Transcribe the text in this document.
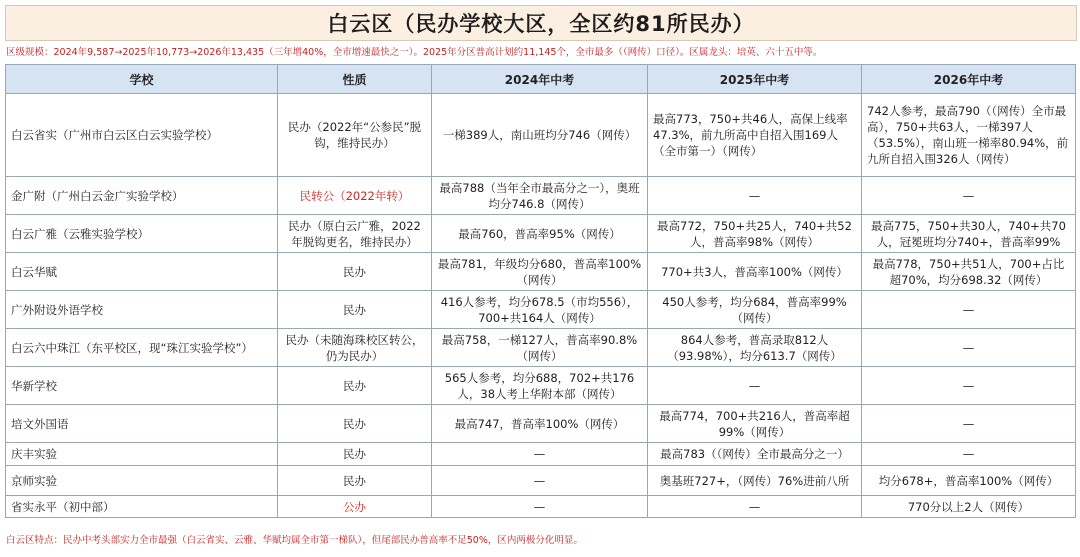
白云区（民办学校大区，全区约81所民办）
区级规模：2024年9,587→2025年10,773→2026年13,435（三年增40%，全市增速最快之一）。2025年分区普高计划约11,145个，全市最多（（网传）口径）。区属龙头：培英、六十五中等。
学校	性质	2024年中考	2025年中考	2026年中考
白云省实（广州市白云区白云实验学校）	民办（2022年“公参民”脱钩，维持民办）	一梯389人，南山班均分746（网传）	最高773，750+共46人，高保上线率47.3%，前九所高中自招入围169人（全市第一）（网传）	742人参考，最高790（（网传）全市最高），750+共63人，一梯397人（53.5%），南山班一梯率80.94%，前九所自招入围326人（网传）
金广附（广州白云金广实验学校）	民转公（2022年转）	最高788（当年全市最高分之一），奥班均分746.8（网传）	—	—
白云广雅（云雅实验学校）	民办（原白云广雅，2022年脱钩更名，维持民办）	最高760，普高率95%（网传）	最高772，750+共25人，740+共52人，普高率98%（网传）	最高775，750+共30人，740+共70人，冠冕班均分740+，普高率99%
白云华赋	民办	最高781，年级均分680，普高率100%（网传）	770+共3人，普高率100%（网传）	最高778，750+共51人，700+占比超70%，均分698.32（网传）
广外附设外语学校	民办	416人参考，均分678.5（市均556），700+共164人（网传）	450人参考，均分684，普高率99%（网传）	—
白云六中珠江（东平校区，现“珠江实验学校”）	民办（未随海珠校区转公，仍为民办）	最高758，一梯127人，普高率90.8%（网传）	864人参考，普高录取812人（93.98%），均分613.7（网传）	—
华新学校	民办	565人参考，均分688，702+共176人，38人考上华附本部（网传）	—	—
培文外国语	民办	最高747，普高率100%（网传）	最高774，700+共216人，普高率超99%（网传）	—
庆丰实验	民办	—	最高783（（网传）全市最高分之一）	—
京师实验	民办	—	奥基班727+，（网传）76%进前八所	均分678+，普高率100%（网传）
省实永平（初中部）	公办	—	—	770分以上2人（网传）
白云区特点：民办中考头部实力全市最强（白云省实、云雅、华赋均属全市第一梯队），但尾部民办普高率不足50%，区内两极分化明显。
